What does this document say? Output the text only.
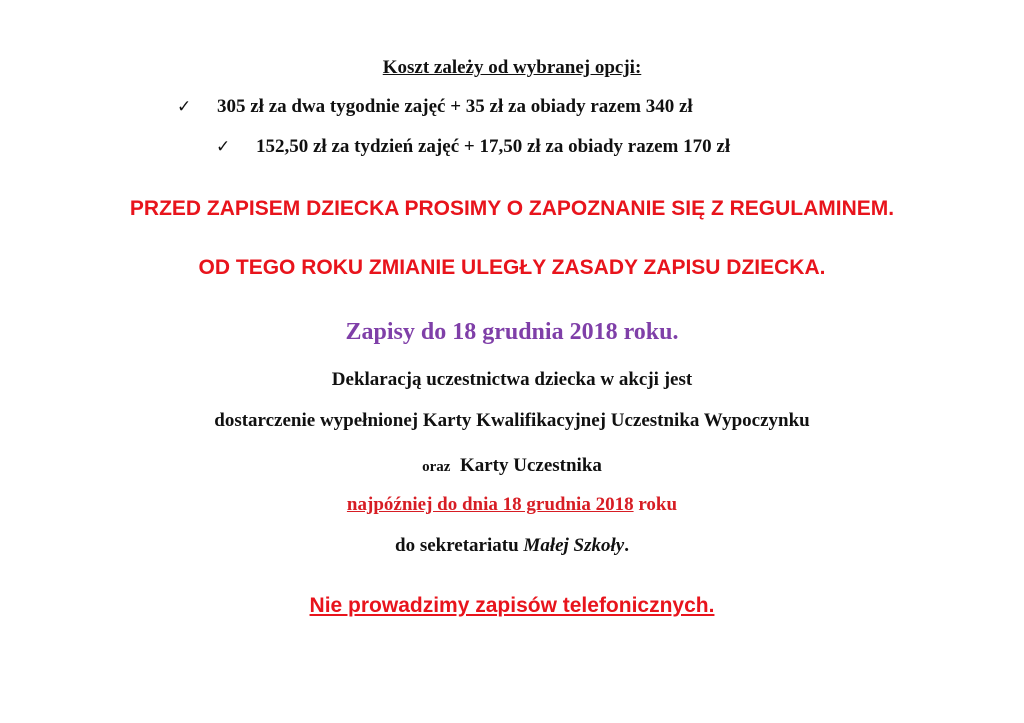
Koszt zależy od wybranej opcji:
✓ 305 zł za dwa tygodnie zajęć + 35 zł za obiady razem 340 zł
✓ 152,50 zł za tydzień zajęć + 17,50 zł za obiady razem 170 zł
PRZED ZAPISEM DZIECKA PROSIMY O ZAPOZNANIE SIĘ Z REGULAMINEM.
OD TEGO ROKU ZMIANIE ULEGŁY ZASADY ZAPISU DZIECKA.
Zapisy do 18 grudnia 2018 roku.
Deklaracją uczestnictwa dziecka w akcji jest
dostarczenie wypełnionej Karty Kwalifikacyjnej Uczestnika Wypoczynku
oraz Karty Uczestnika
najpóźniej do dnia 18 grudnia 2018 roku
do sekretariatu Małej Szkoły.
Nie prowadzimy zapisów telefonicznych.
